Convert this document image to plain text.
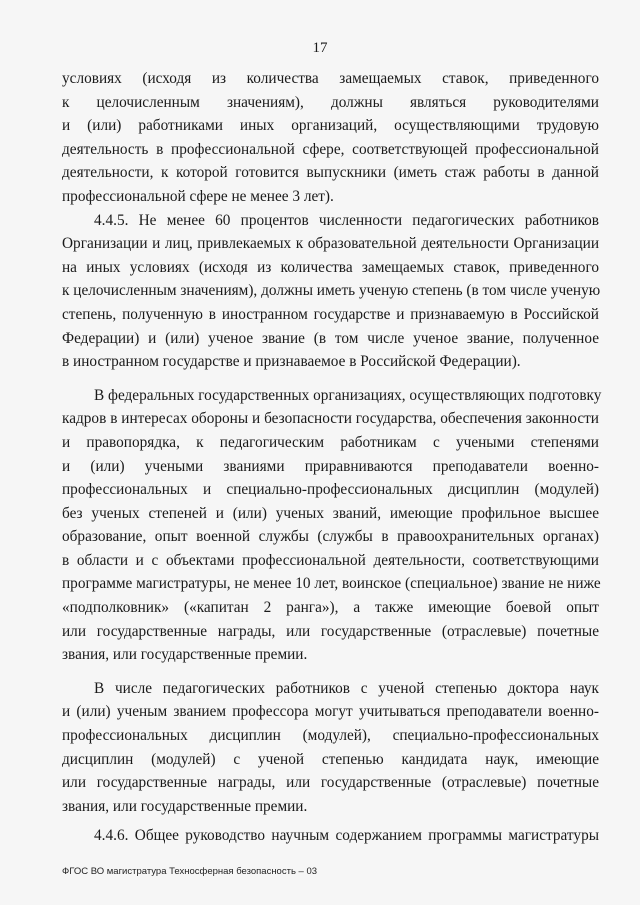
17
условиях (исходя из количества замещаемых ставок, приведенного
к целочисленным значениям), должны являться руководителями
и (или) работниками иных организаций, осуществляющими трудовую
деятельность в профессиональной сфере, соответствующей профессиональной
деятельности, к которой готовится выпускники (иметь стаж работы в данной
профессиональной сфере не менее 3 лет).
4.4.5. Не менее 60 процентов численности педагогических работников
Организации и лиц, привлекаемых к образовательной деятельности Организации
на иных условиях (исходя из количества замещаемых ставок, приведенного
к целочисленным значениям), должны иметь ученую степень (в том числе ученую
степень, полученную в иностранном государстве и признаваемую в Российской
Федерации) и (или) ученое звание (в том числе ученое звание, полученное
в иностранном государстве и признаваемое в Российской Федерации).
В федеральных государственных организациях, осуществляющих подготовку
кадров в интересах обороны и безопасности государства, обеспечения законности
и правопорядка, к педагогическим работникам с учеными степенями
и (или) учеными званиями приравниваются преподаватели военно-
профессиональных и специально-профессиональных дисциплин (модулей)
без ученых степеней и (или) ученых званий, имеющие профильное высшее
образование, опыт военной службы (службы в правоохранительных органах)
в области и с объектами профессиональной деятельности, соответствующими
программе магистратуры, не менее 10 лет, воинское (специальное) звание не ниже
«подполковник» («капитан 2 ранга»), а также имеющие боевой опыт
или государственные награды, или государственные (отраслевые) почетные
звания, или государственные премии.
В числе педагогических работников с ученой степенью доктора наук
и (или) ученым званием профессора могут учитываться преподаватели военно-
профессиональных дисциплин (модулей), специально-профессиональных
дисциплин (модулей) с ученой степенью кандидата наук, имеющие
или государственные награды, или государственные (отраслевые) почетные
звания, или государственные премии.
4.4.6. Общее руководство научным содержанием программы магистратуры
ФГОС ВО магистратура Техносферная безопасность – 03
